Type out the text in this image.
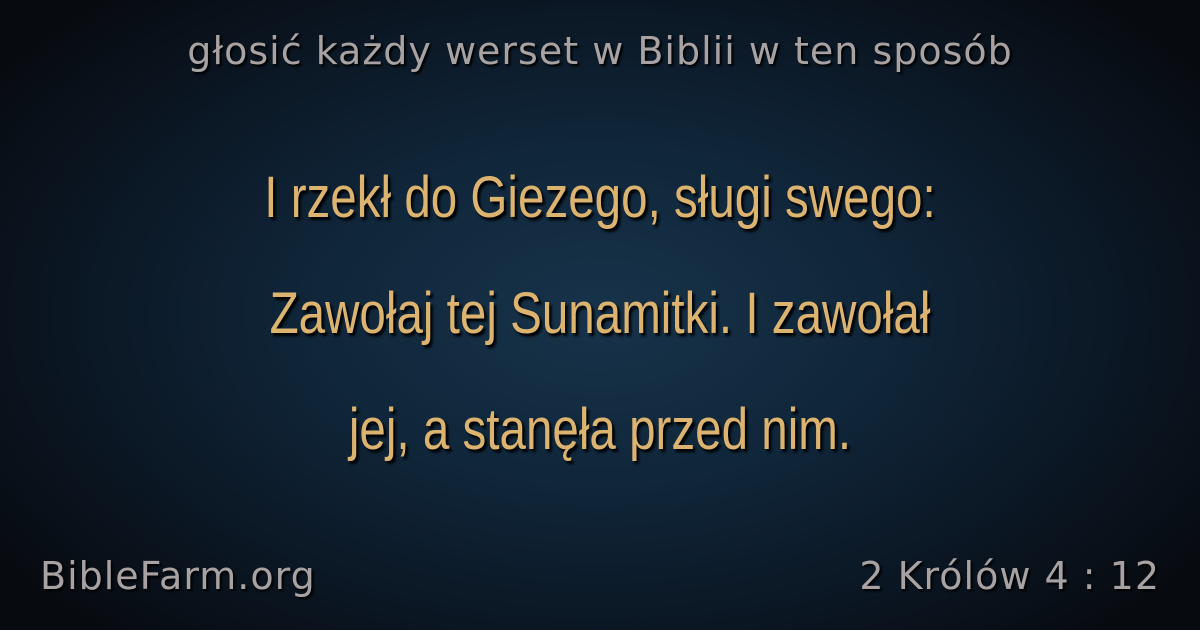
głosić każdy werset w Biblii w ten sposób
I rzekł do Giezego, sługi swego:
Zawołaj tej Sunamitki. I zawołał
jej, a stanęła przed nim.
BibleFarm.org	2 Królów 4 : 12
